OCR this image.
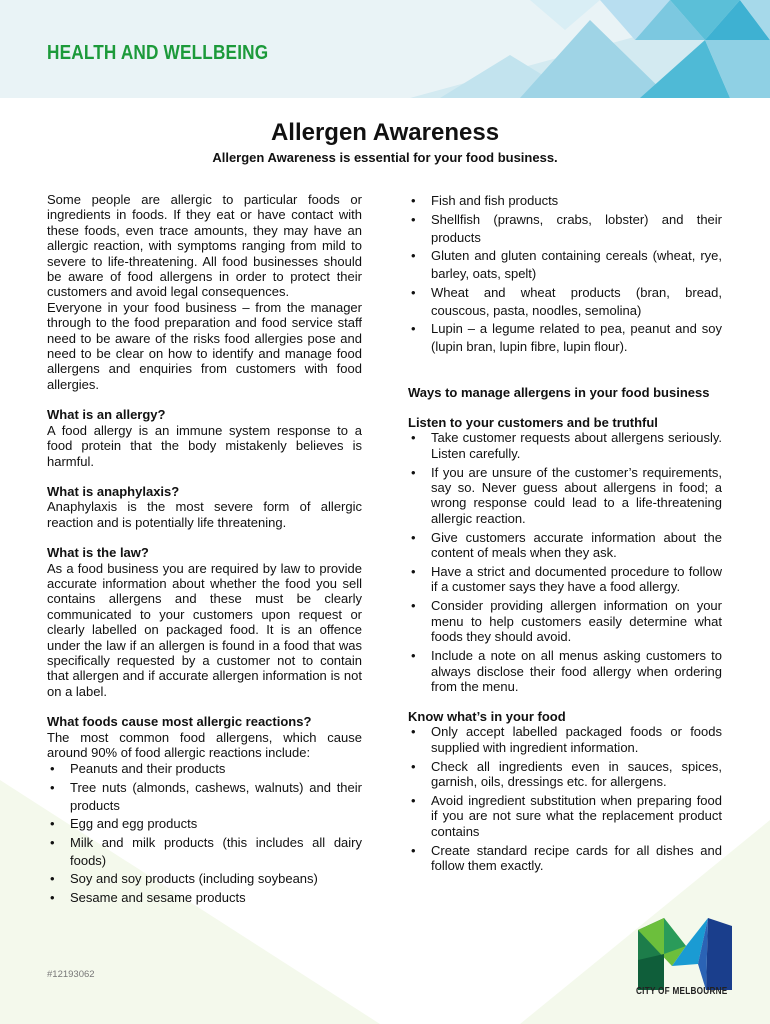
HEALTH AND WELLBEING
Allergen Awareness
Allergen Awareness is essential for your food business.

Some people are allergic to particular foods or ingredients in foods. If they eat or have contact with these foods, even trace amounts, they may have an allergic reaction, with symptoms ranging from mild to severe to life-threatening. All food businesses should be aware of food allergens in order to protect their customers and avoid legal consequences.

Everyone in your food business – from the manager through to the food preparation and food service staff need to be aware of the risks food allergies pose and need to be clear on how to identify and manage food allergens and enquiries from customers with food allergies.

What is an allergy?

A food allergy is an immune system response to a food protein that the body mistakenly believes is harmful.

What is anaphylaxis?

Anaphylaxis is the most severe form of allergic reaction and is potentially life threatening.

What is the law?

As a food business you are required by law to provide accurate information about whether the food you sell contains allergens and these must be clearly communicated to your customers upon request or clearly labelled on packaged food. It is an offence under the law if an allergen is found in a food that was specifically requested by a customer not to contain that allergen and if accurate allergen information is not on a label.

What foods cause most allergic reactions?

The most common food allergens, which cause around 90% of food allergic reactions include:

• Peanuts and their products
• Tree nuts (almonds, cashews, walnuts) and their products
• Egg and egg products
• Milk and milk products (this includes all dairy foods)
• Soy and soy products (including soybeans)
• Sesame and sesame products
• Fish and fish products
• Shellfish (prawns, crabs, lobster) and their products
• Gluten and gluten containing cereals (wheat, rye, barley, oats, spelt)
• Wheat and wheat products (bran, bread, couscous, pasta, noodles, semolina)
• Lupin – a legume related to pea, peanut and soy (lupin bran, lupin fibre, lupin flour).
Ways to manage allergens in your food business
Listen to your customers and be truthful
• Take customer requests about allergens seriously. Listen carefully.
• If you are unsure of the customer’s requirements, say so. Never guess about allergens in food; a wrong response could lead to a life-threatening allergic reaction.
• Give customers accurate information about the content of meals when they ask.
• Have a strict and documented procedure to follow if a customer says they have a food allergy.
• Consider providing allergen information on your menu to help customers easily determine what foods they should avoid.
• Include a note on all menus asking customers to always disclose their food allergy when ordering from the menu.
Know what’s in your food
• Only accept labelled packaged foods or foods supplied with ingredient information.
• Check all ingredients even in sauces, spices, garnish, oils, dressings etc. for allergens.
• Avoid ingredient substitution when preparing food if you are not sure what the replacement product contains
• Create standard recipe cards for all dishes and follow them exactly.
#12193062
CITY OF MELBOURNE
